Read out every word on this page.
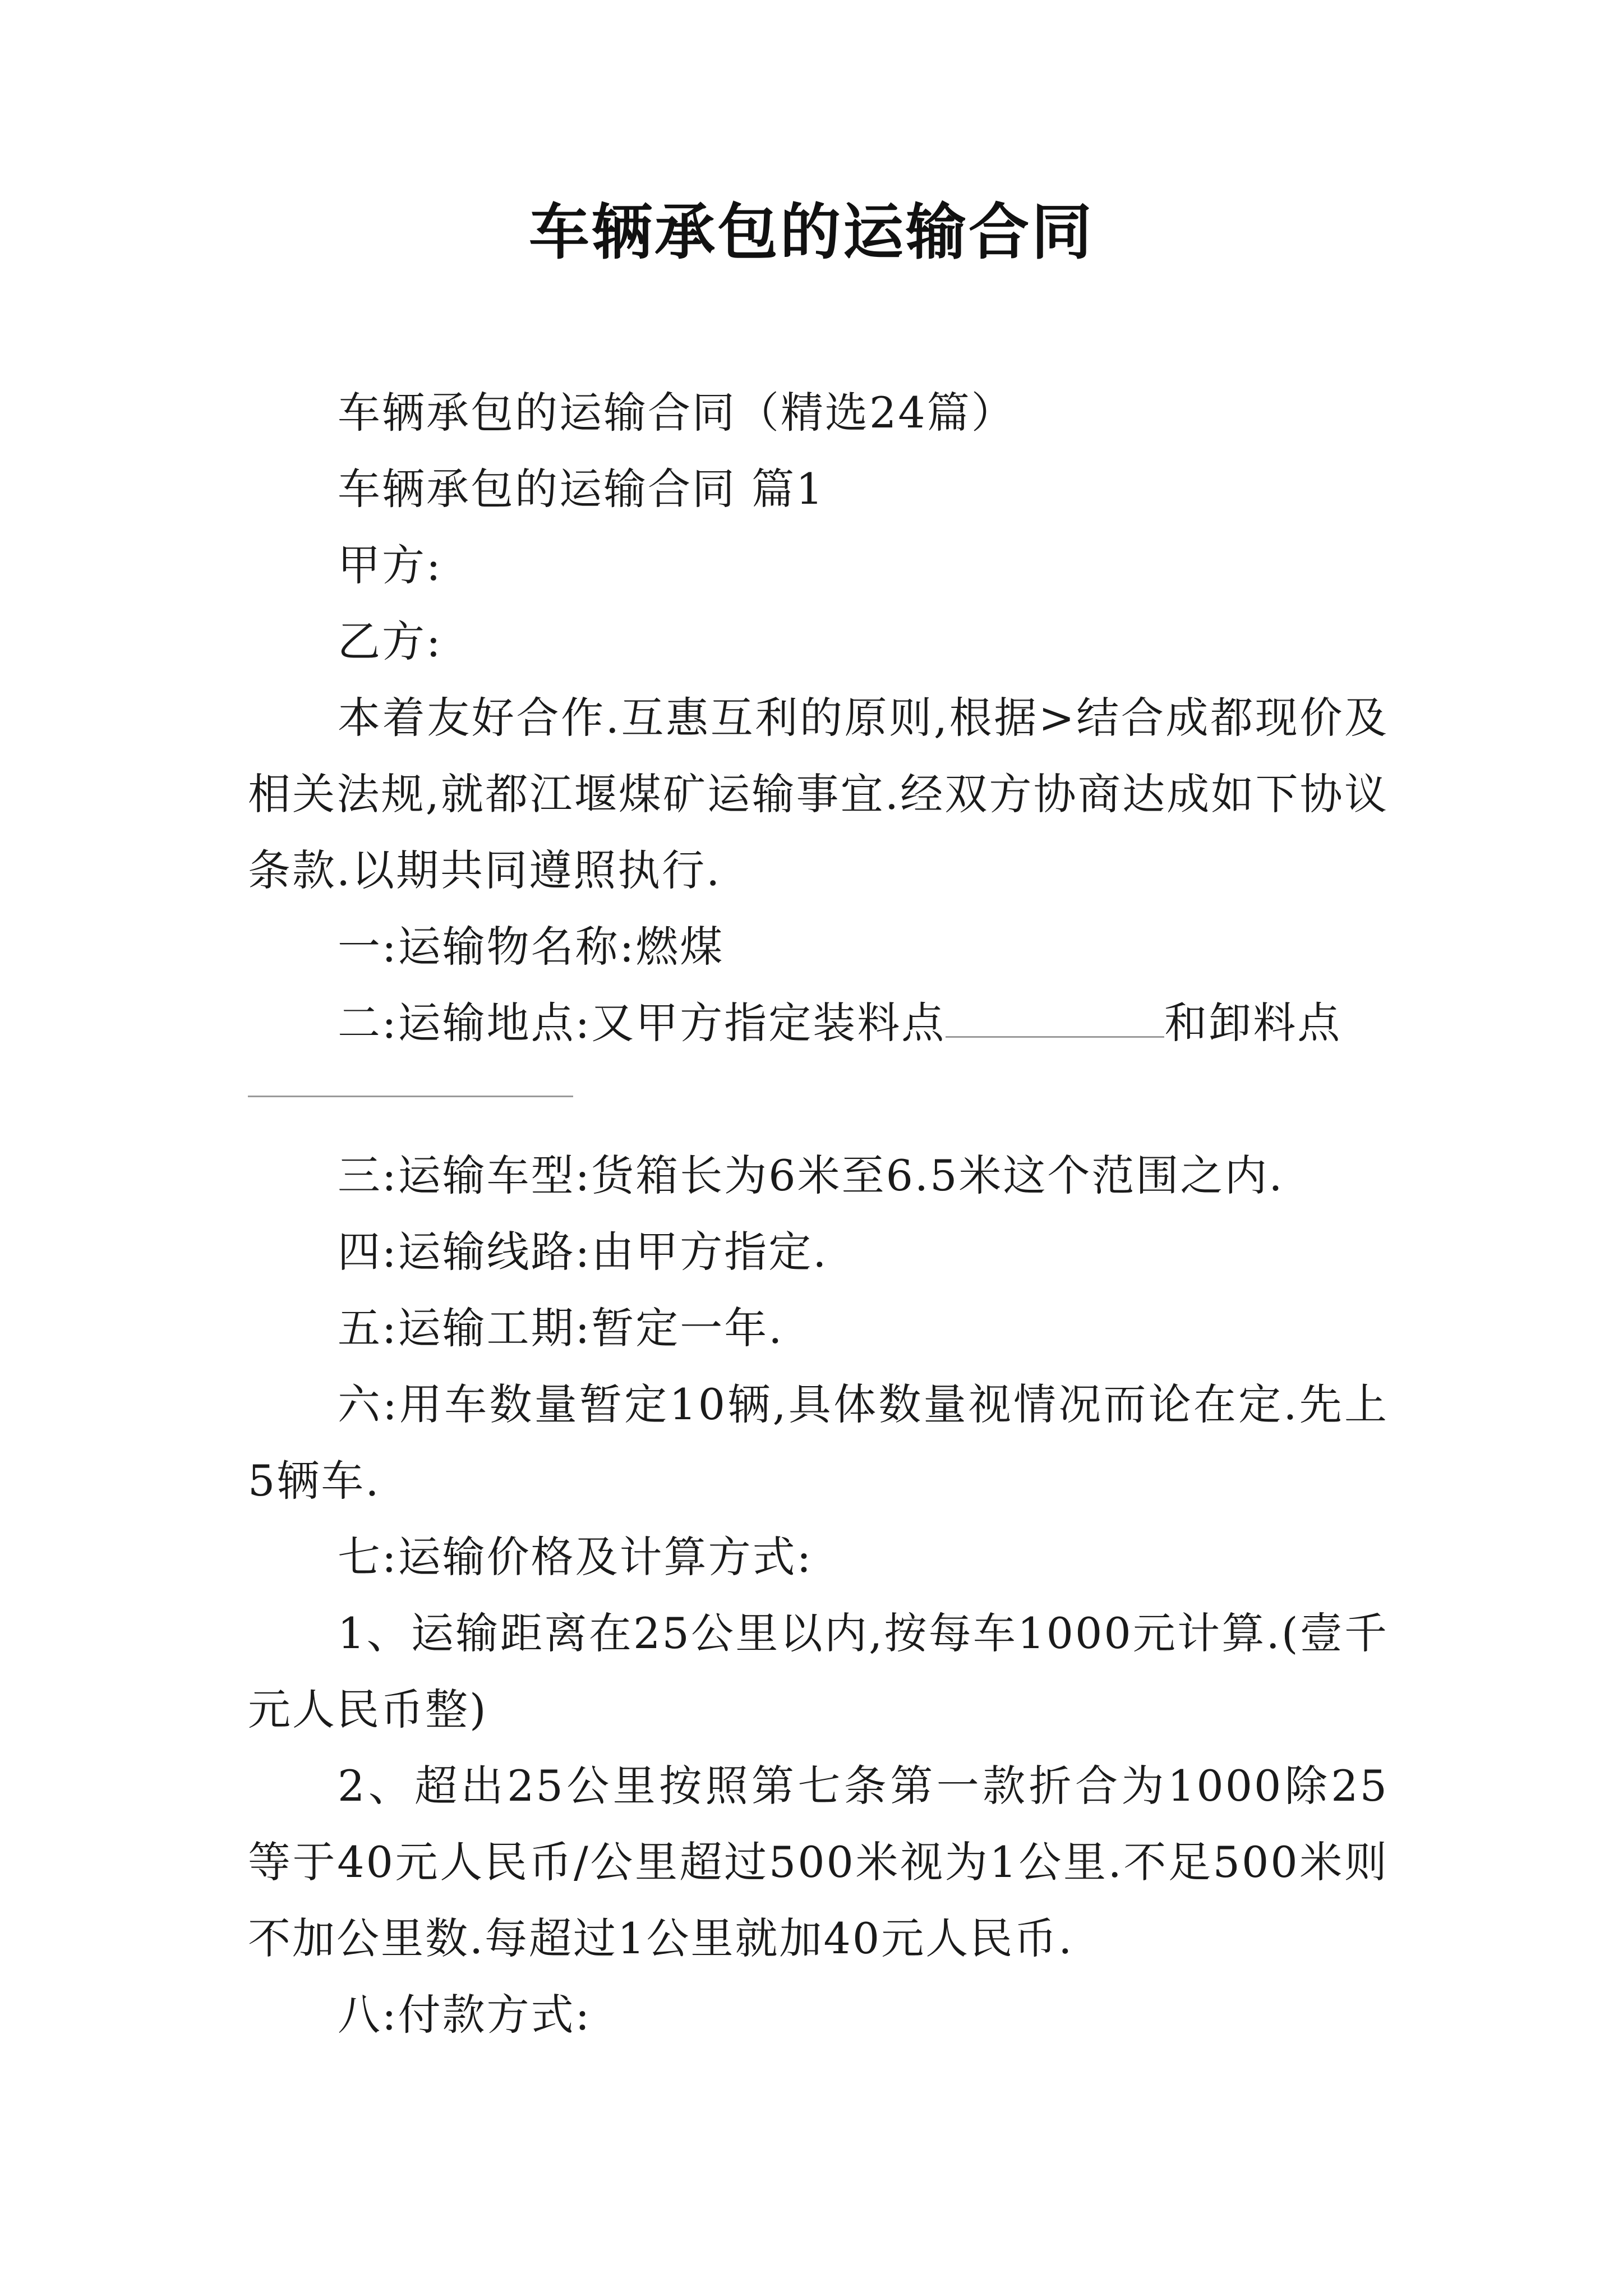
车辆承包的运输合同

车辆承包的运输合同（精选24篇）

车辆承包的运输合同 篇1

甲方:

乙方:

本着友好合作.互惠互利的原则,根据>结合成都现价及相关法规,就都江堰煤矿运输事宜.经双方协商达成如下协议条款.以期共同遵照执行.

一:运输物名称:燃煤

二:运输地点:又甲方指定装料点	和卸料点

三:运输车型:货箱长为6米至6.5米这个范围之内.

四:运输线路:由甲方指定.

五:运输工期:暂定一年.

六:用车数量暂定10辆,具体数量视情况而论在定.先上5辆车.

七:运输价格及计算方式:

1、运输距离在25公里以内,按每车1000元计算.(壹千元人民币整)

2、超出25公里按照第七条第一款折合为1000除25等于40元人民币/公里超过500米视为1公里.不足500米则不加公里数.每超过1公里就加40元人民币.

八:付款方式:
